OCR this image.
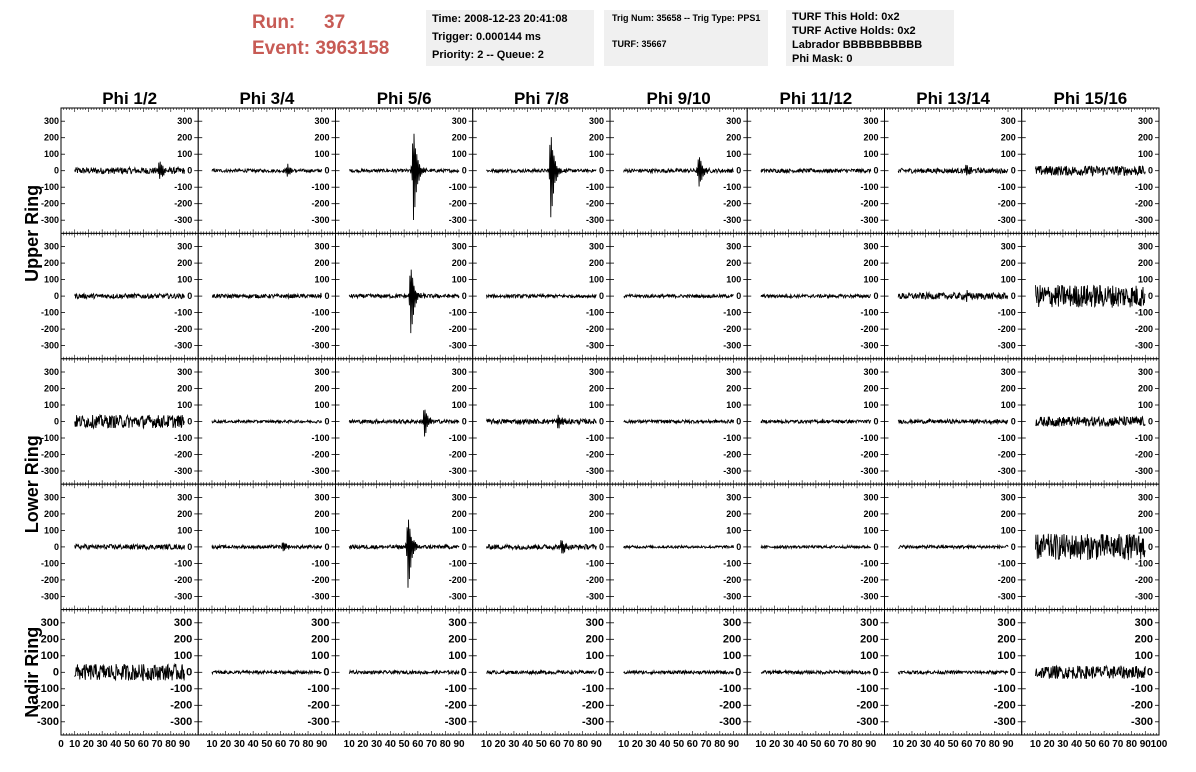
Run: 37
Event: 3963158
Time: 2008-12-23 20:41:08
Trigger: 0.000144 ms
Priority: 2 -- Queue: 2
Trig Num: 35658 -- Trig Type: PPS1
TURF: 35667
TURF This Hold: 0x2
TURF Active Holds: 0x2
Labrador BBBBBBBBBB
Phi Mask: 0
Phi 1/2	Phi 3/4	Phi 5/6	Phi 7/8	Phi 9/10	Phi 11/12	Phi 13/14	Phi 15/16
Upper Ring
Lower Ring
Nadir Ring
300
300
200
200
100
100
0
0
-100
-100
-200
-200
-300
-300
300
200
100
0
-100
-200
-300
300
200
100
0
-100
-200
-300
300
200
100
0
-100
-200
-300
300
200
100
0
-100
-200
-300
300
200
100
0
-100
-200
-300
300
200
100
0
-100
-200
-300
300
200
100
0
-100
-200
-300
300
300
200
200
100
100
0
0
-100
-100
-200
-200
-300
-300
300
200
100
0
-100
-200
-300
300
200
100
0
-100
-200
-300
300
200
100
0
-100
-200
-300
300
200
100
0
-100
-200
-300
300
200
100
0
-100
-200
-300
300
200
100
0
-100
-200
-300
300
200
100
0
-100
-200
-300
300
300
200
200
100
100
0
0
-100
-100
-200
-200
-300
-300
300
200
100
0
-100
-200
-300
300
200
100
0
-100
-200
-300
300
200
100
0
-100
-200
-300
300
200
100
0
-100
-200
-300
300
200
100
0
-100
-200
-300
300
200
100
0
-100
-200
-300
300
200
100
0
-100
-200
-300
300
300
200
200
100
100
0
0
-100
-100
-200
-200
-300
-300
300
200
100
0
-100
-200
-300
300
200
100
0
-100
-200
-300
300
200
100
0
-100
-200
-300
300
200
100
0
-100
-200
-300
300
200
100
0
-100
-200
-300
300
200
100
0
-100
-200
-300
300
200
100
0
-100
-200
-300
300
300
200
200
100
100
0
0
-100
-100
-200
-200
-300
-300
300
200
100
0
-100
-200
-300
300
200
100
0
-100
-200
-300
300
200
100
0
-100
-200
-300
300
200
100
0
-100
-200
-300
300
200
100
0
-100
-200
-300
300
200
100
0
-100
-200
-300
300
200
100
0
-100
-200
-300
0 10 20 30 40 50 60 70 80 90 10 20 30 40 50 60 70 80 90 10 20 30 40 50 60 70 80 90 10 20 30 40 50 60 70 80 90 10 20 30 40 50 60 70 80 90 10 20 30 40 50 60 70 80 90 10 20 30 40 50 60 70 80 90 10 20 30 40 50 60 70 80 90 100
